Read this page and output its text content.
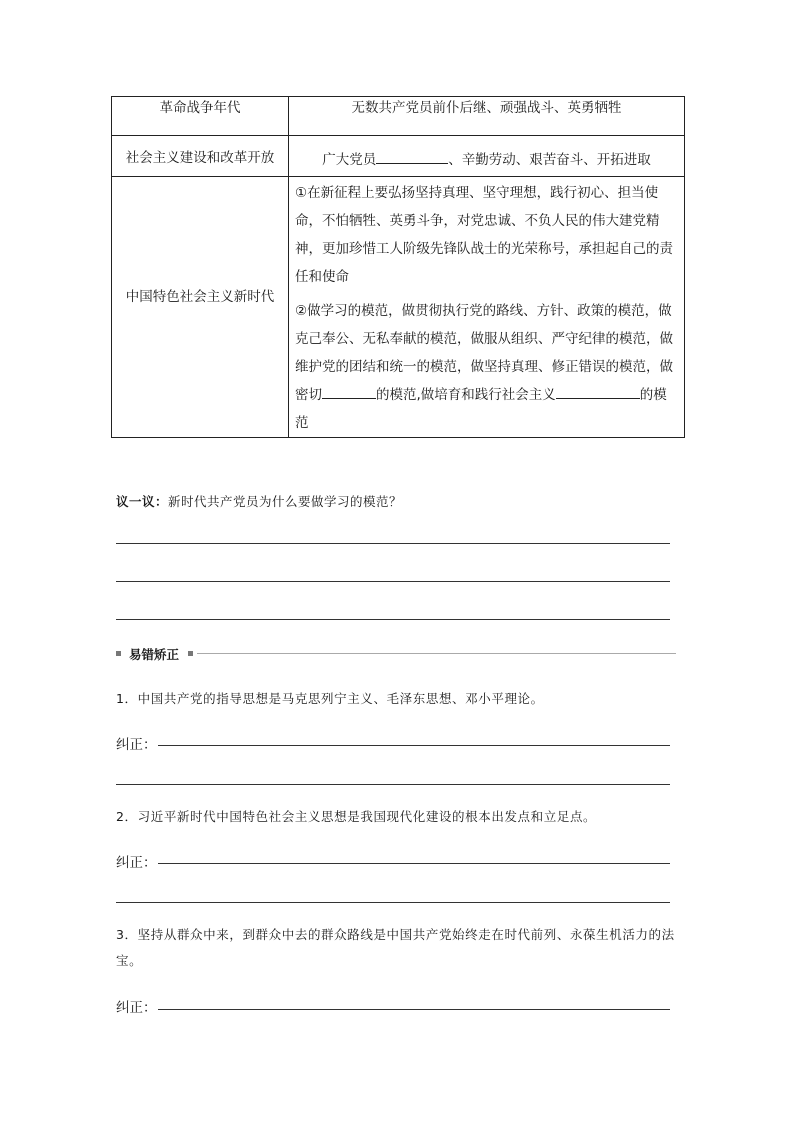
革命战争年代	无数共产党员前仆后继、顽强战斗、英勇牺牲

社会主义建设和改革开放	广大党员 、辛勤劳动、艰苦奋斗、开拓进取

中国特色社会主义新时代	①在新征程上要弘扬坚持真理、坚守理想，践行初心、担当使命，不怕牺牲、英勇斗争，对党忠诚、不负人民的伟大建党精神，更加珍惜工人阶级先锋队战士的光荣称号，承担起自己的责任和使命

②做学习的模范，做贯彻执行党的路线、方针、政策的模范，做克己奉公、无私奉献的模范，做服从组织、严守纪律的模范，做维护党的团结和统一的模范，做坚持真理、修正错误的模范，做密切 的模范,做培育和践行社会主义 的模范

议一议：新时代共产党员为什么要做学习的模范？
易错矫正
1．中国共产党的指导思想是马克思列宁主义、毛泽东思想、邓小平理论。
纠正：
2．习近平新时代中国特色社会主义思想是我国现代化建设的根本出发点和立足点。
纠正：
3．坚持从群众中来，到群众中去的群众路线是中国共产党始终走在时代前列、永葆生机活力的法宝。
纠正：
